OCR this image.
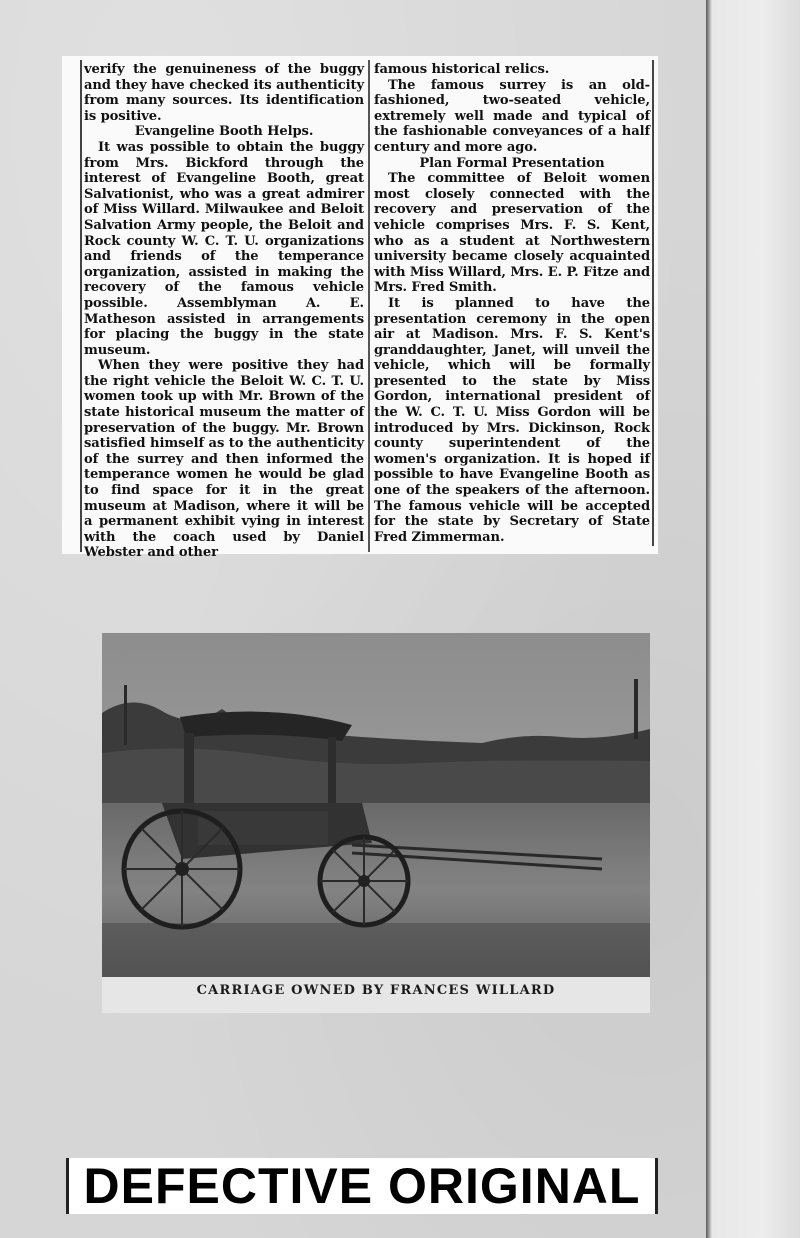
verify the genuineness of the buggy and they have checked its authenticity from many sources. Its identification is positive.

Evangeline Booth Helps.

It was possible to obtain the buggy from Mrs. Bickford through the interest of Evangeline Booth, great Salvationist, who was a great admirer of Miss Willard. Milwaukee and Beloit Salvation Army people, the Beloit and Rock county W. C. T. U. organizations and friends of the temperance organization, assisted in making the recovery of the famous vehicle possible. Assemblyman A. E. Matheson assisted in arrangements for placing the buggy in the state museum.

When they were positive they had the right vehicle the Beloit W. C. T. U. women took up with Mr. Brown of the state historical museum the matter of preservation of the buggy. Mr. Brown satisfied himself as to the authenticity of the surrey and then informed the temperance women he would be glad to find space for it in the great museum at Madison, where it will be a permanent exhibit vying in interest with the coach used by Daniel Webster and other

famous historical relics.

The famous surrey is an old-fashioned, two-seated vehicle, extremely well made and typical of the fashionable conveyances of a half century and more ago.

Plan Formal Presentation

The committee of Beloit women most closely connected with the recovery and preservation of the vehicle comprises Mrs. F. S. Kent, who as a student at Northwestern university became closely acquainted with Miss Willard, Mrs. E. P. Fitze and Mrs. Fred Smith.

It is planned to have the presentation ceremony in the open air at Madison. Mrs. F. S. Kent's granddaughter, Janet, will unveil the vehicle, which will be formally presented to the state by Miss Gordon, international president of the W. C. T. U. Miss Gordon will be introduced by Mrs. Dickinson, Rock county superintendent of the women's organization. It is hoped if possible to have Evangeline Booth as one of the speakers of the afternoon. The famous vehicle will be accepted for the state by Secretary of State Fred Zimmerman.

CARRIAGE OWNED BY FRANCES WILLARD
DEFECTIVE ORIGINAL
